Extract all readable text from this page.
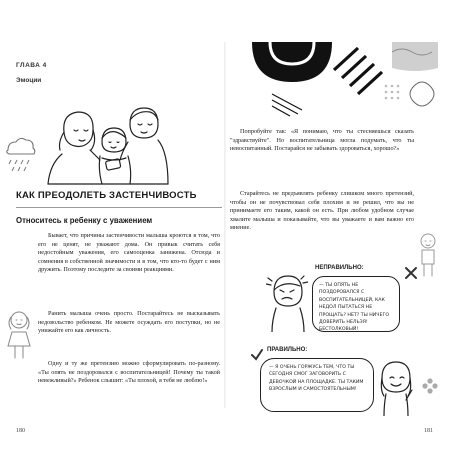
ГЛАВА 4
Эмоции
КАК ПРЕОДОЛЕТЬ ЗАСТЕНЧИВОСТЬ
Относитесь к ребенку с уважением

Бывает, что причины застенчивости малыша кроются в том, что его не ценят, не уважают дома. Он привык считать себя недостойным уважения, его самооценка занижена. Отсюда и сомнения в собственной значимости и в том, что кто-то будет с ним дружить. Поэтому последите за своими реакциями.

Ранить малыша очень просто. Постарайтесь не высказывать недовольство ребенком. Не можете осуждать его поступки, но не унижайте его как личность.

Одну и ту же претензию можно сформулировать по-разному. «Ты опять не поздоровался с воспитательницей! Почему ты такой невежливый?» Ребенок слышит: «Ты плохой, я тебя не люблю!»

180

Попробуйте так: «Я понимаю, что ты стесняешься сказать "здравствуйте". Но воспитательница могла подумать, что ты невоспитанный. Постарайся не забывать здороваться, хорошо?»

Старайтесь не предъявлять ребенку слишком много претензий, чтобы он не почувствовал себя плохим и не решил, что вы не принимаете его таким, какой он есть. При любом удобном случае хвалите малыша и показывайте, что вы уважаете и вам важно его мнение.

НЕПРАВИЛЬНО:

— ТЫ ОПЯТЬ НЕ ПОЗДОРОВАЛСЯ С ВОСПИТАТЕЛЬНИЦЕЙ, КАК НЕДОЛ ПЫТАТЬСЯ НЕ ПРОЩАТЬ? НЕТ? ТЫ НИЧЕГО ДОВЕРИТЬ НЕЛЬЗЯ! БЕСТОЛКОВЫЙ!

ПРАВИЛЬНО:

— Я ОЧЕНЬ ГОРЖУСЬ ТЕМ, ЧТО ТЫ СЕГОДНЯ СМОГ ЗАГОВОРИТЬ С ДЕВОЧКОЙ НА ПЛОЩАДКЕ. ТЫ ТАКИМ ВЗРОСЛЫМ И САМОСТОЯТЕЛЬНЫМ!

181
